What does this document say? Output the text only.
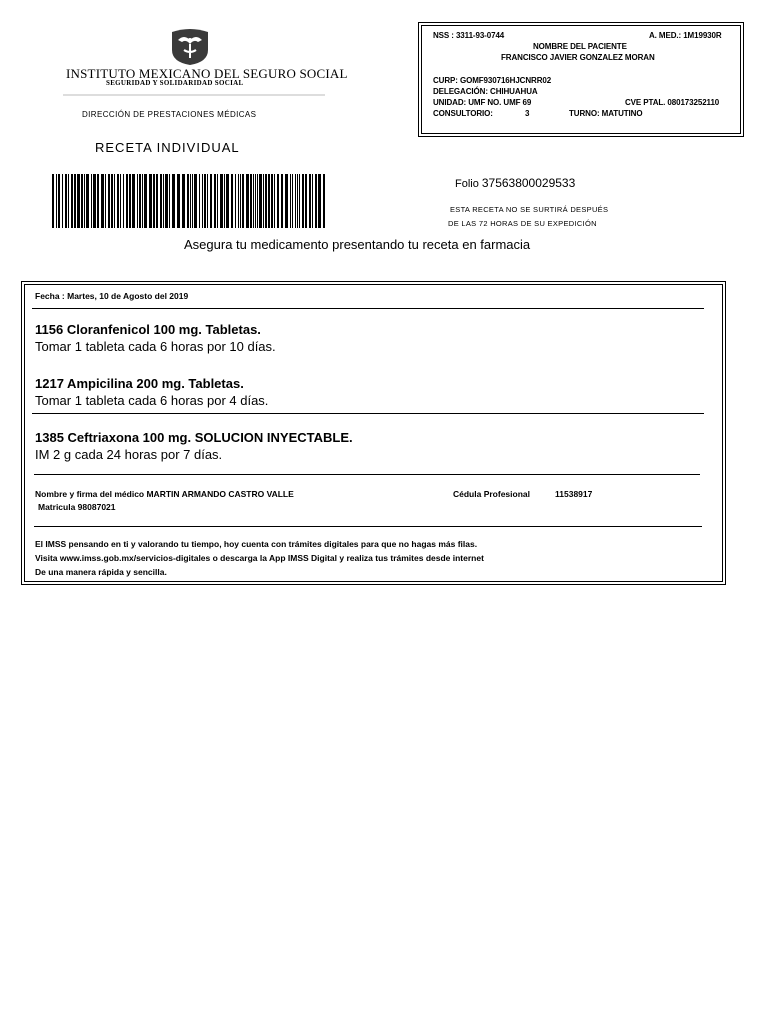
INSTITUTO MEXICANO DEL SEGURO SOCIAL
SEGURIDAD Y SOLIDARIDAD SOCIAL
DIRECCIÓN DE PRESTACIONES MÉDICAS
RECETA INDIVIDUAL
NSS : 3311-93-0744	A. MED.: 1M19930R
NOMBRE DEL PACIENTE
FRANCISCO JAVIER GONZALEZ MORAN
CURP: GOMF930716HJCNRR02
DELEGACIÓN: CHIHUAHUA
UNIDAD: UMF NO. UMF 69	CVE PTAL. 080173252110
CONSULTORIO:	3	TURNO: MATUTINO
Folio 37563800029533
ESTA RECETA NO SE SURTIRÁ DESPUÉS
DE LAS 72 HORAS DE SU EXPEDICIÓN
Asegura tu medicamento presentando tu receta en farmacia
Fecha : Martes, 10 de Agosto del 2019
1156 Cloranfenicol 100 mg. Tabletas.
Tomar 1 tableta cada 6 horas por 10 días.
1217 Ampicilina 200 mg. Tabletas.
Tomar 1 tableta cada 6 horas por 4 días.
1385 Ceftriaxona 100 mg. SOLUCION INYECTABLE.
IM 2 g cada 24 horas por 7 días.
Nombre y firma del médico MARTIN ARMANDO CASTRO VALLE	Cédula Profesional	11538917
Matricula 98087021
El IMSS pensando en ti y valorando tu tiempo, hoy cuenta con trámites digitales para que no hagas más filas.
Visita www.imss.gob.mx/servicios-digitales o descarga la App IMSS Digital y realiza tus trámites desde internet
De una manera rápida y sencilla.
